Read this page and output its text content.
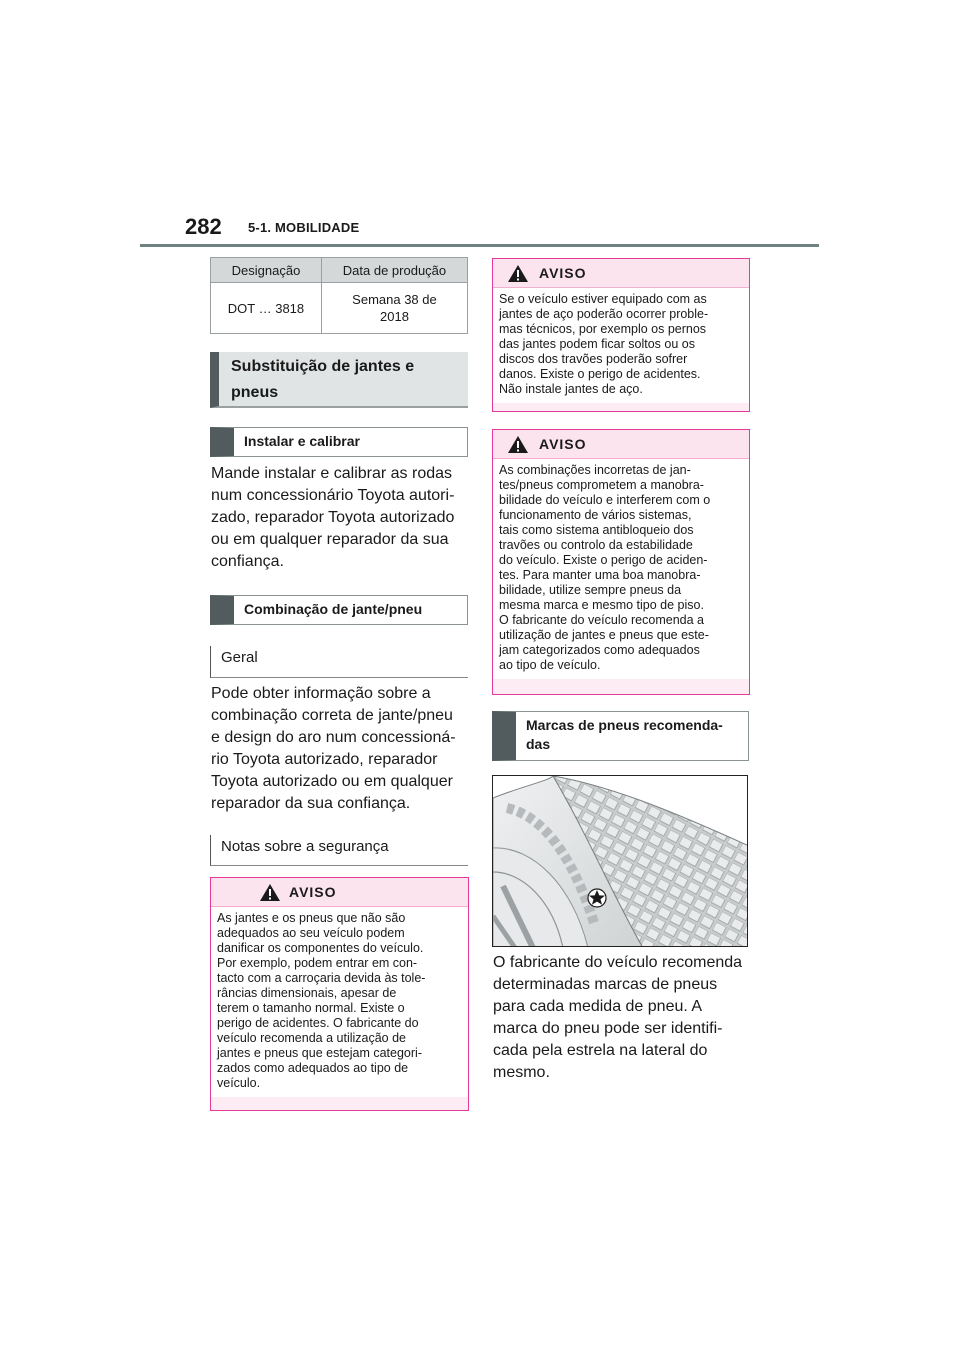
282 5-1. MOBILIDADE
Designação	Data de produção
DOT … 3818	Semana 38 de
2018
Substituição de jantes e
pneus
Instalar e calibrar
Mande instalar e calibrar as rodas
num concessionário Toyota autori-
zado, reparador Toyota autorizado
ou em qualquer reparador da sua
confiança.
Combinação de jante/pneu
Geral
Pode obter informação sobre a
combinação correta de jante/pneu
e design do aro num concessioná-
rio Toyota autorizado, reparador
Toyota autorizado ou em qualquer
reparador da sua confiança.
Notas sobre a segurança
AVISO
As jantes e os pneus que não são
adequados ao seu veículo podem
danificar os componentes do veículo.
Por exemplo, podem entrar em con-
tacto com a carroçaria devida às tole-
râncias dimensionais, apesar de
terem o tamanho normal. Existe o
perigo de acidentes. O fabricante do
veículo recomenda a utilização de
jantes e pneus que estejam categori-
zados como adequados ao tipo de
veículo.
AVISO
Se o veículo estiver equipado com as
jantes de aço poderão ocorrer proble-
mas técnicos, por exemplo os pernos
das jantes podem ficar soltos ou os
discos dos travões poderão sofrer
danos. Existe o perigo de acidentes.
Não instale jantes de aço.
AVISO
As combinações incorretas de jan-
tes/pneus comprometem a manobra-
bilidade do veículo e interferem com o
funcionamento de vários sistemas,
tais como sistema antibloqueio dos
travões ou controlo da estabilidade
do veículo. Existe o perigo de aciden-
tes. Para manter uma boa manobra-
bilidade, utilize sempre pneus da
mesma marca e mesmo tipo de piso.
O fabricante do veículo recomenda a
utilização de jantes e pneus que este-
jam categorizados como adequados
ao tipo de veículo.
Marcas de pneus recomenda-
das
O fabricante do veículo recomenda
determinadas marcas de pneus
para cada medida de pneu. A
marca do pneu pode ser identifi-
cada pela estrela na lateral do
mesmo.
